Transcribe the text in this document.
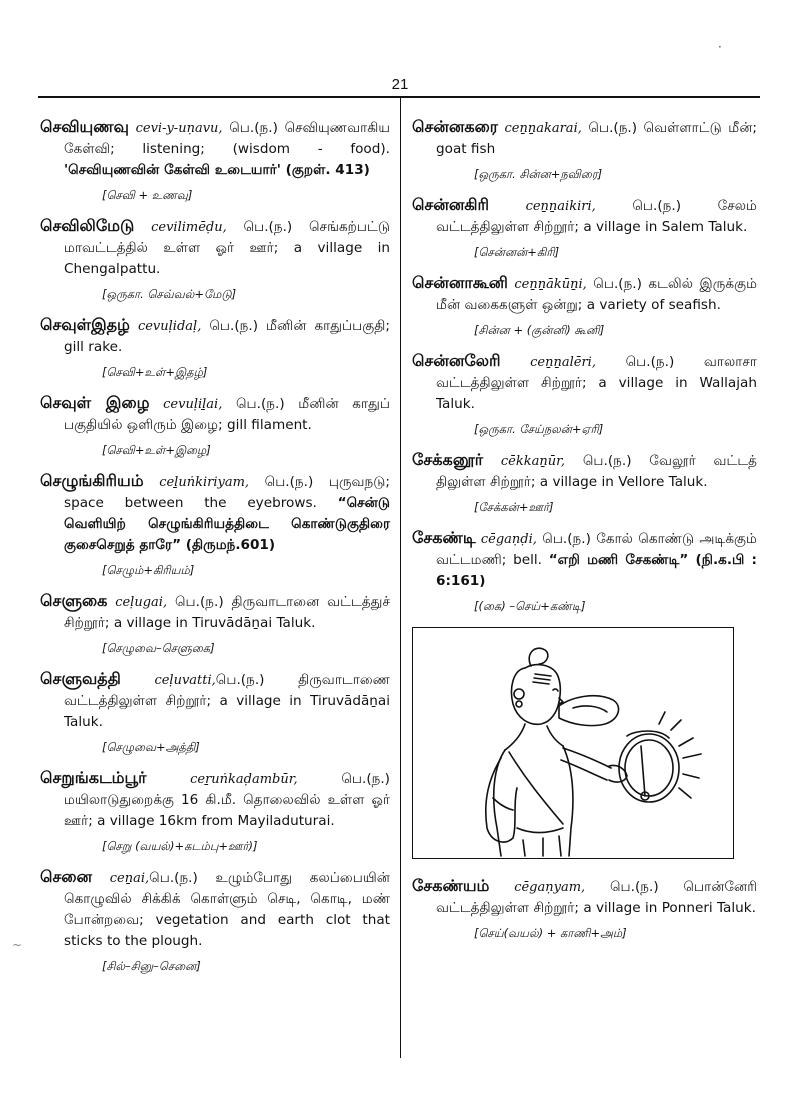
21
·
~
செவியுணவு cevi-y-uṇavu, பெ.(ந.) செவியுணவாகிய கேள்வி; listening; (wisdom - food). 'செவியுணவின் கேள்வி உடையார்' (குறள். 413)
[செவி + உணவு]
செவிலிமேடு cevilimēḍu, பெ.(ந.) செங்கற்பட்டு மாவட்டத்தில் உள்ள ஓர் ஊர்; a village in Chengalpattu.
[ஒருகா. செவ்வல்+மேடு]
செவுள்இதழ் cevuḷidaḷ, பெ.(ந.) மீனின் காதுப்பகுதி; gill rake.
[செவி+உள்+இதழ்]
செவுள் இழை cevuḷiḻai, பெ.(ந.) மீனின் காதுப் பகுதியில் ஒளிரும் இழை; gill filament.
[செவி+உள்+இழை]
செழுங்கிரியம் ceḻuṅkiriyam, பெ.(ந.) புருவநடு; space between the eyebrows. “சென்டு வெளியிற் செழுங்கிரியத்திடை கொண்டுகுதிரை குசைசெறுத் தாரே” (திருமந்.601)
[செழும்+கிரியம்]
செளுகை ceḷugai, பெ.(ந.) திருவாடானை வட்டத்துச் சிற்றூர்; a village in Tiruvādāṉai Taluk.
[செழுவை–செளுகை]
செளுவத்தி	ceḷuvatti,பெ.(ந.) திருவாடாணை வட்டத்திலுள்ள சிற்றூர்; a village in Tiruvādāṉai Taluk.
[செழுவை+அத்தி]
செறுங்கடம்பூர்	ceṟuṅkaḍambūr, பெ.(ந.) மயிலாடுதுறைக்கு 16 கி.மீ. தொலைவில் உள்ள ஓர் ஊர்; a village 16km from Mayiladuturai.
[செறு (வயல்)+கடம்பு+ஊர்)]
செனை ceṉai,பெ.(ந.) உழும்போது கலப்பையின் கொழுவில் சிக்கிக் கொள்ளும் செடி, கொடி, மண் போன்றவை; vegetation and earth clot that sticks to the plough.
[சில்–சினு–செனை]
சென்னகரை ceṉṉakarai, பெ.(ந.) வெள்ளாட்டு மீன்; goat fish
[ஒருகா. சின்ன+நவிரை]
சென்னகிரி	ceṉṉaikiri, பெ.(ந.) சேலம் வட்டத்திலுள்ள சிற்றூர்; a village in Salem Taluk.
[சென்னன்+கிரி]
சென்னாகூனி ceṉṉākūṉi, பெ.(ந.) கடலில் இருக்கும் மீன் வகைகளுள் ஒன்று; a variety of seafish.
[சின்ன + (குன்னி) கூனி]
சென்னலேரி ceṉṉalēri, பெ.(ந.) வாலாசா வட்டத்திலுள்ள சிற்றூர்; a village in Wallajah Taluk.
[ஒருகா. சேய்நலன்+ஏரி]
சேக்கனூர் cēkkaṉūr, பெ.(ந.) வேலூர் வட்டத் திலுள்ள சிற்றூர்; a village in Vellore Taluk.
[சேக்கன்+ஊர்]
சேகண்டி cēgaṇḍi, பெ.(ந.) கோல் கொண்டு அடிக்கும் வட்டமணி; bell. “எறி மணி சேகண்டி” (நி.க.பி : 6:161)
[(கை) –செய்+கண்டி]
சேகண்யம் cēgaṇyam, பெ.(ந.) பொன்னேரி வட்டத்திலுள்ள சிற்றூர்; a village in Ponneri Taluk.
[செய்(வயல்) + காணி+அம்]
